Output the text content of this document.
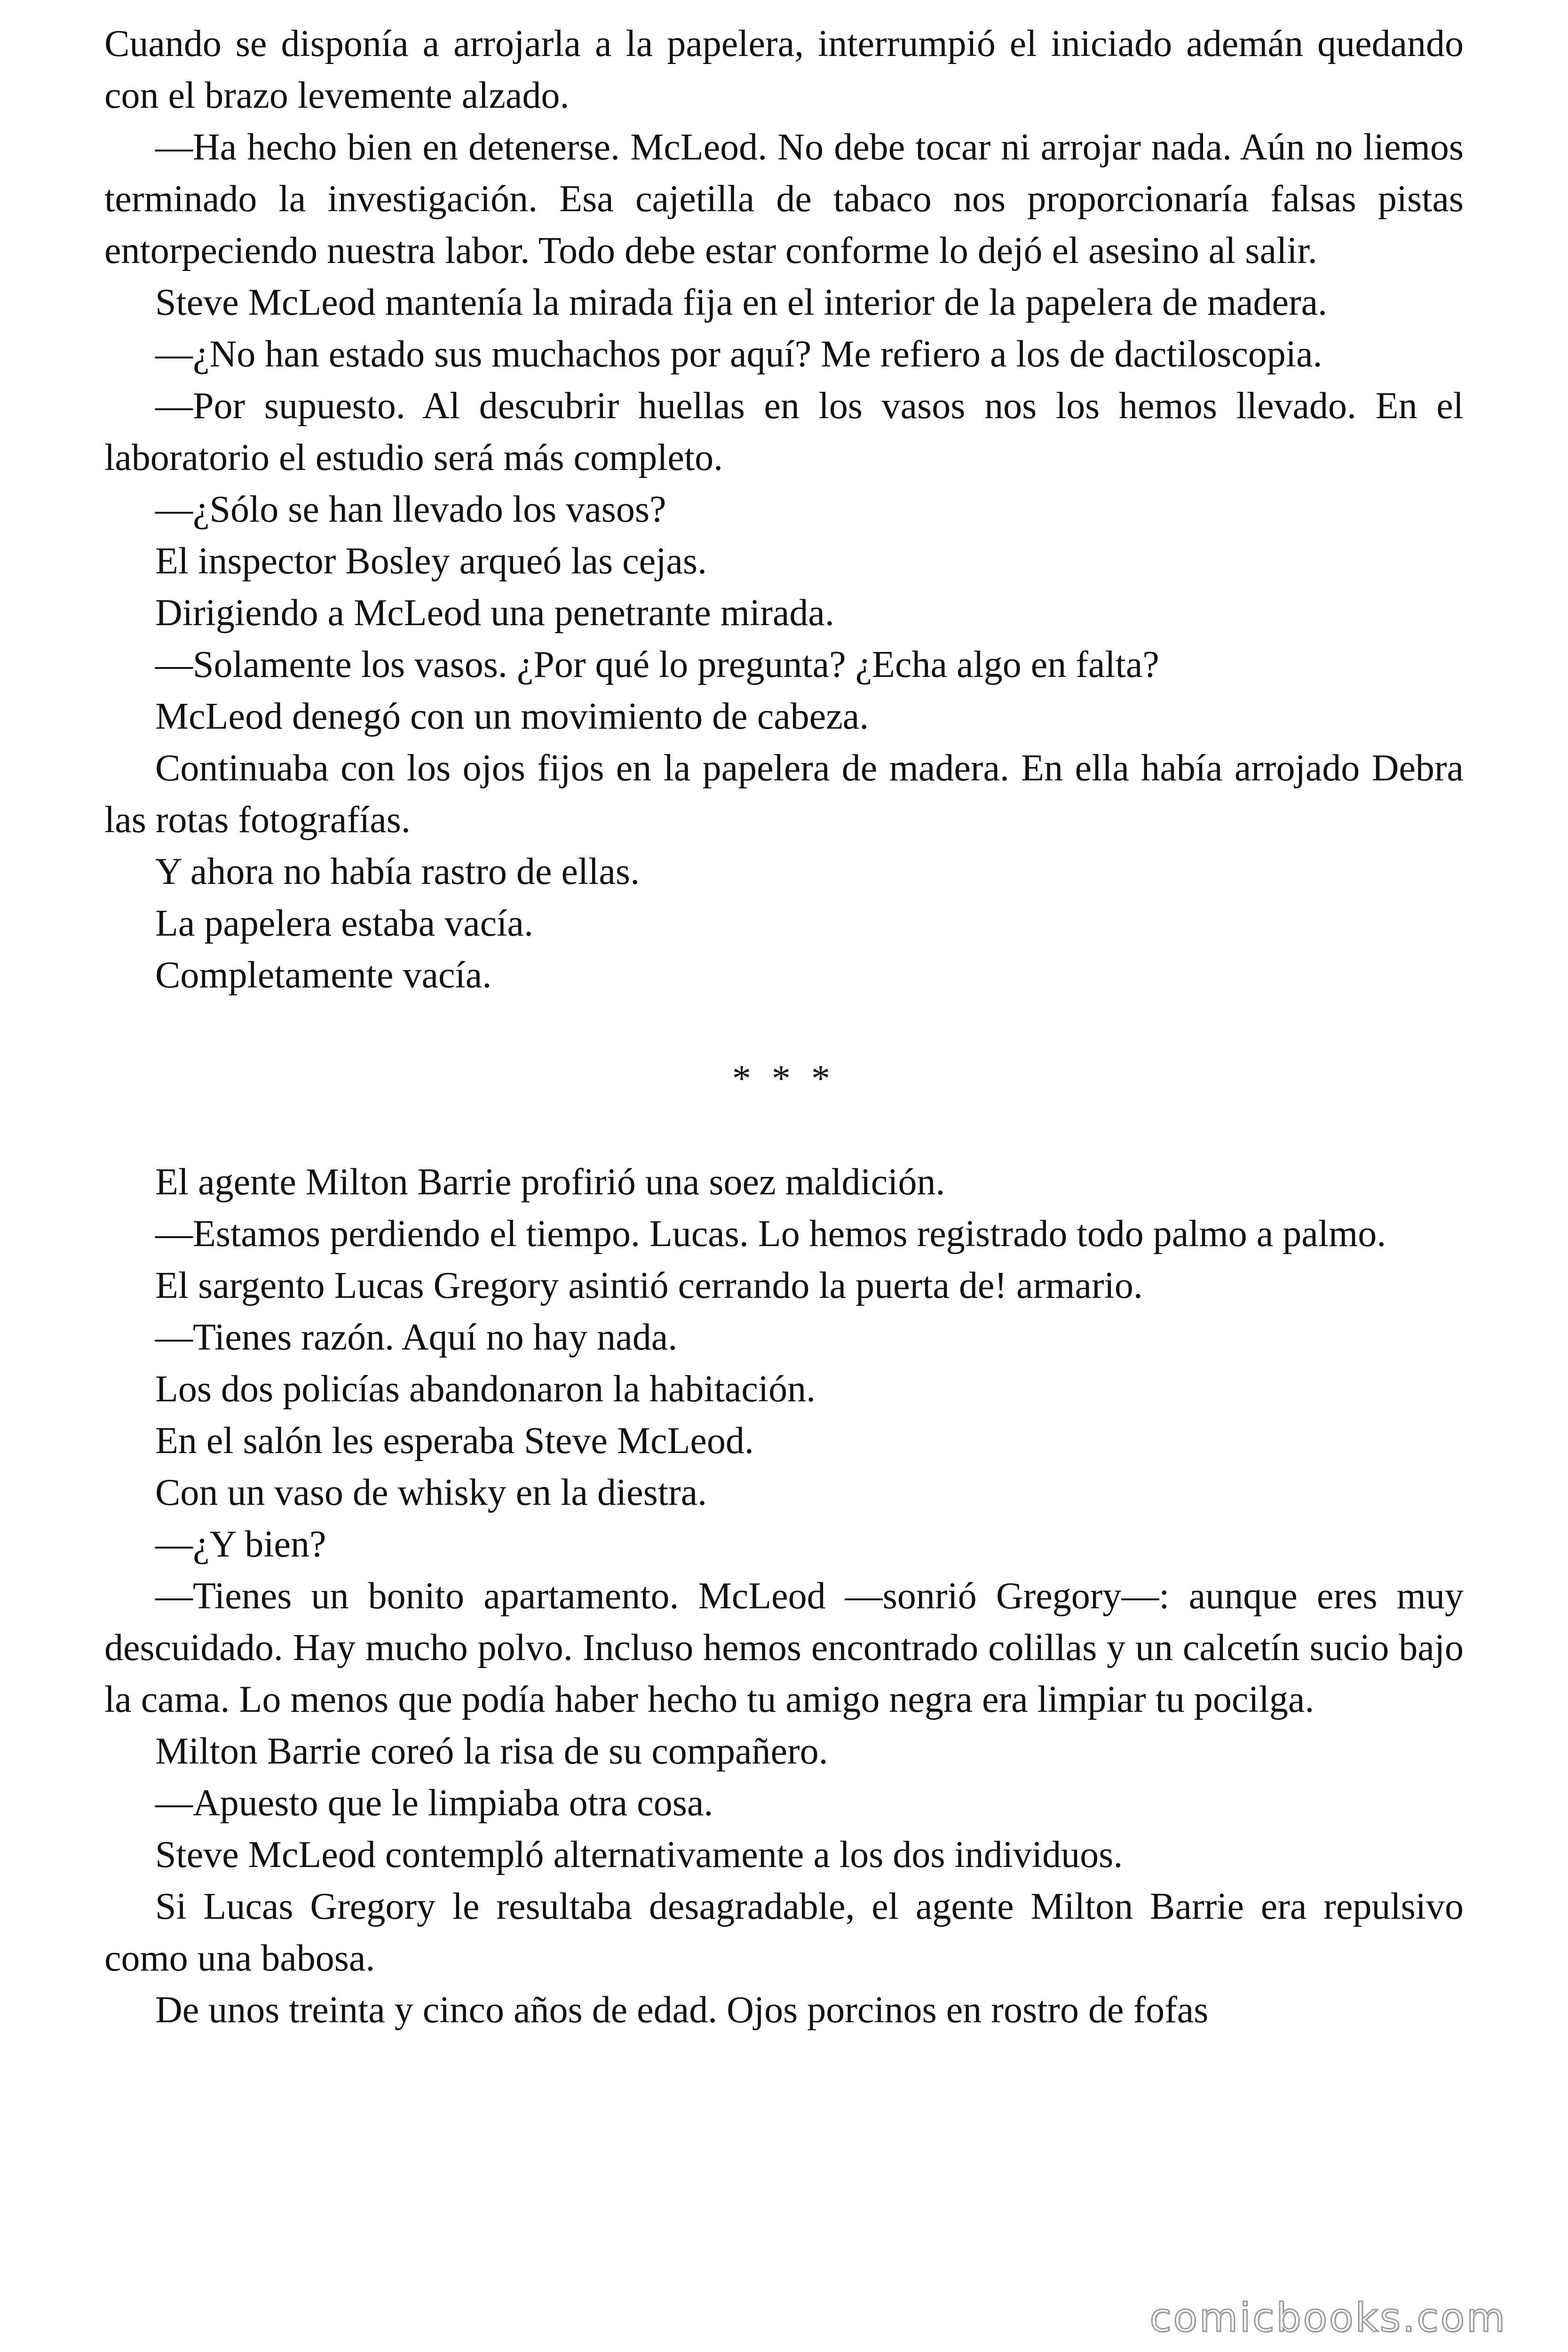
Cuando se disponía a arrojarla a la papelera, interrumpió el iniciado ademán quedando con el brazo levemente alzado.

—Ha hecho bien en detenerse. McLeod. No debe tocar ni arrojar nada. Aún no liemos terminado la investigación. Esa cajetilla de tabaco nos proporcionaría falsas pistas entorpeciendo nuestra labor. Todo debe estar conforme lo dejó el asesino al salir.

Steve McLeod mantenía la mirada fija en el interior de la papelera de madera.

—¿No han estado sus muchachos por aquí? Me refiero a los de dactiloscopia.

—Por supuesto. Al descubrir huellas en los vasos nos los hemos llevado. En el laboratorio el estudio será más completo.

—¿Sólo se han llevado los vasos?

El inspector Bosley arqueó las cejas.

Dirigiendo a McLeod una penetrante mirada.

—Solamente los vasos. ¿Por qué lo pregunta? ¿Echa algo en falta?

McLeod denegó con un movimiento de cabeza.

Continuaba con los ojos fijos en la papelera de madera. En ella había arrojado Debra las rotas fotografías.

Y ahora no había rastro de ellas.

La papelera estaba vacía.

Completamente vacía.

* * *

El agente Milton Barrie profirió una soez maldición.

—Estamos perdiendo el tiempo. Lucas. Lo hemos registrado todo palmo a palmo.

El sargento Lucas Gregory asintió cerrando la puerta de! armario.

—Tienes razón. Aquí no hay nada.

Los dos policías abandonaron la habitación.

En el salón les esperaba Steve McLeod.

Con un vaso de whisky en la diestra.

—¿Y bien?

—Tienes un bonito apartamento. McLeod —sonrió Gregory—: aunque eres muy descuidado. Hay mucho polvo. Incluso hemos encontrado colillas y un calcetín sucio bajo la cama. Lo menos que podía haber hecho tu amigo negra era limpiar tu pocilga.

Milton Barrie coreó la risa de su compañero.

—Apuesto que le limpiaba otra cosa.

Steve McLeod contempló alternativamente a los dos individuos.

Si Lucas Gregory le resultaba desagradable, el agente Milton Barrie era repulsivo como una babosa.

De unos treinta y cinco años de edad. Ojos porcinos en rostro de fofas

comicbooks.com
